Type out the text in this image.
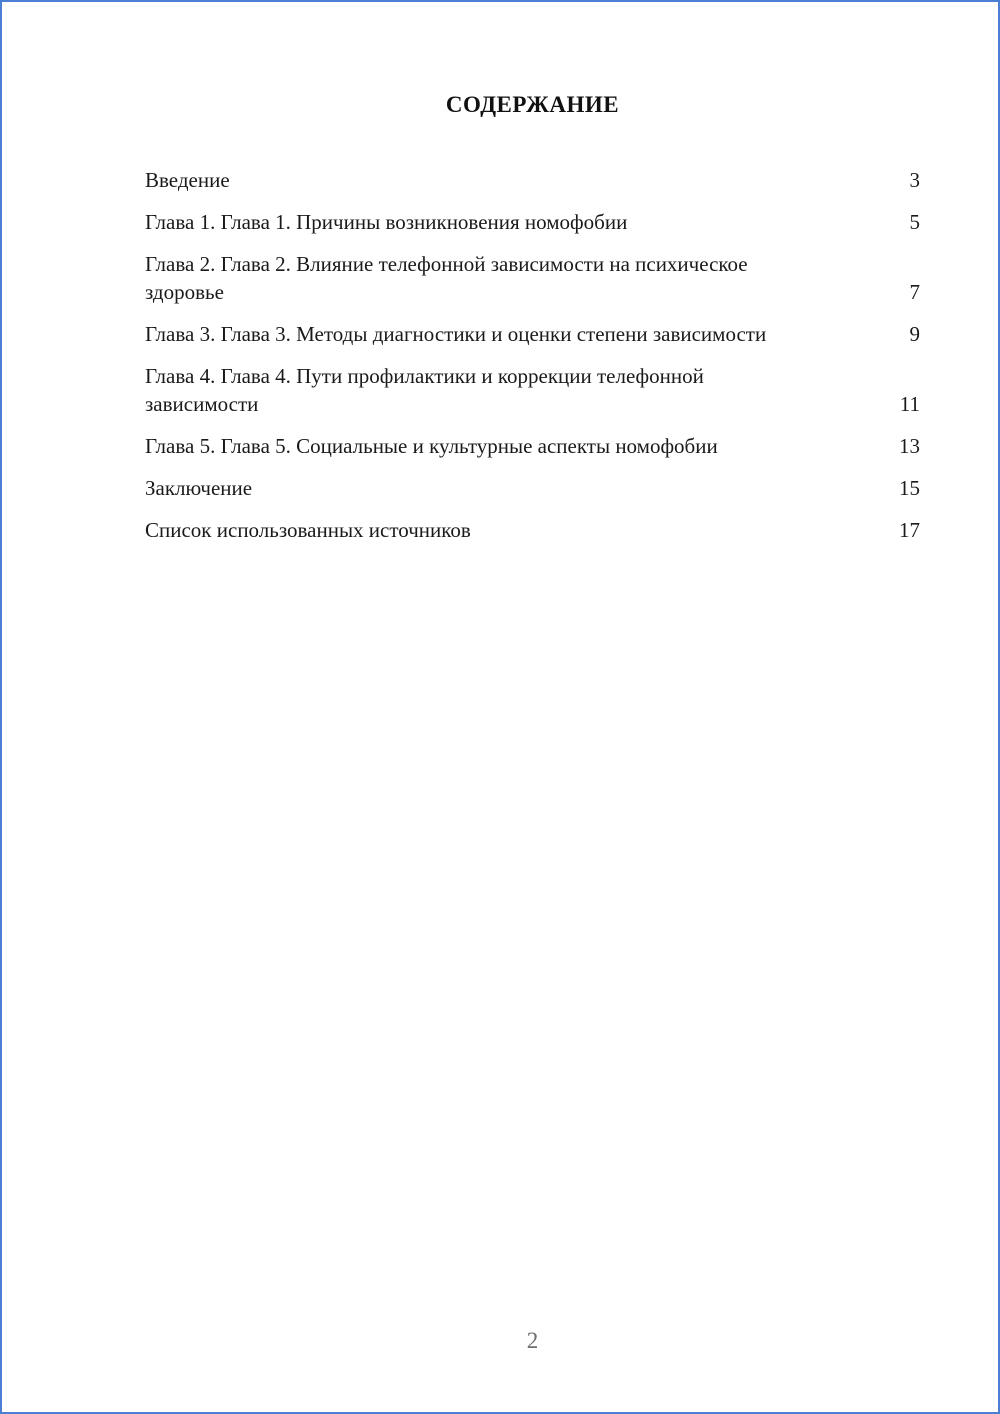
СОДЕРЖАНИЕ
Введение	3
Глава 1. Глава 1. Причины возникновения номофобии	5
Глава 2. Глава 2. Влияние телефонной зависимости на психическое здоровье	7
Глава 3. Глава 3. Методы диагностики и оценки степени зависимости	9
Глава 4. Глава 4. Пути профилактики и коррекции телефонной зависимости	11
Глава 5. Глава 5. Социальные и культурные аспекты номофобии	13
Заключение	15
Список использованных источников	17
2
